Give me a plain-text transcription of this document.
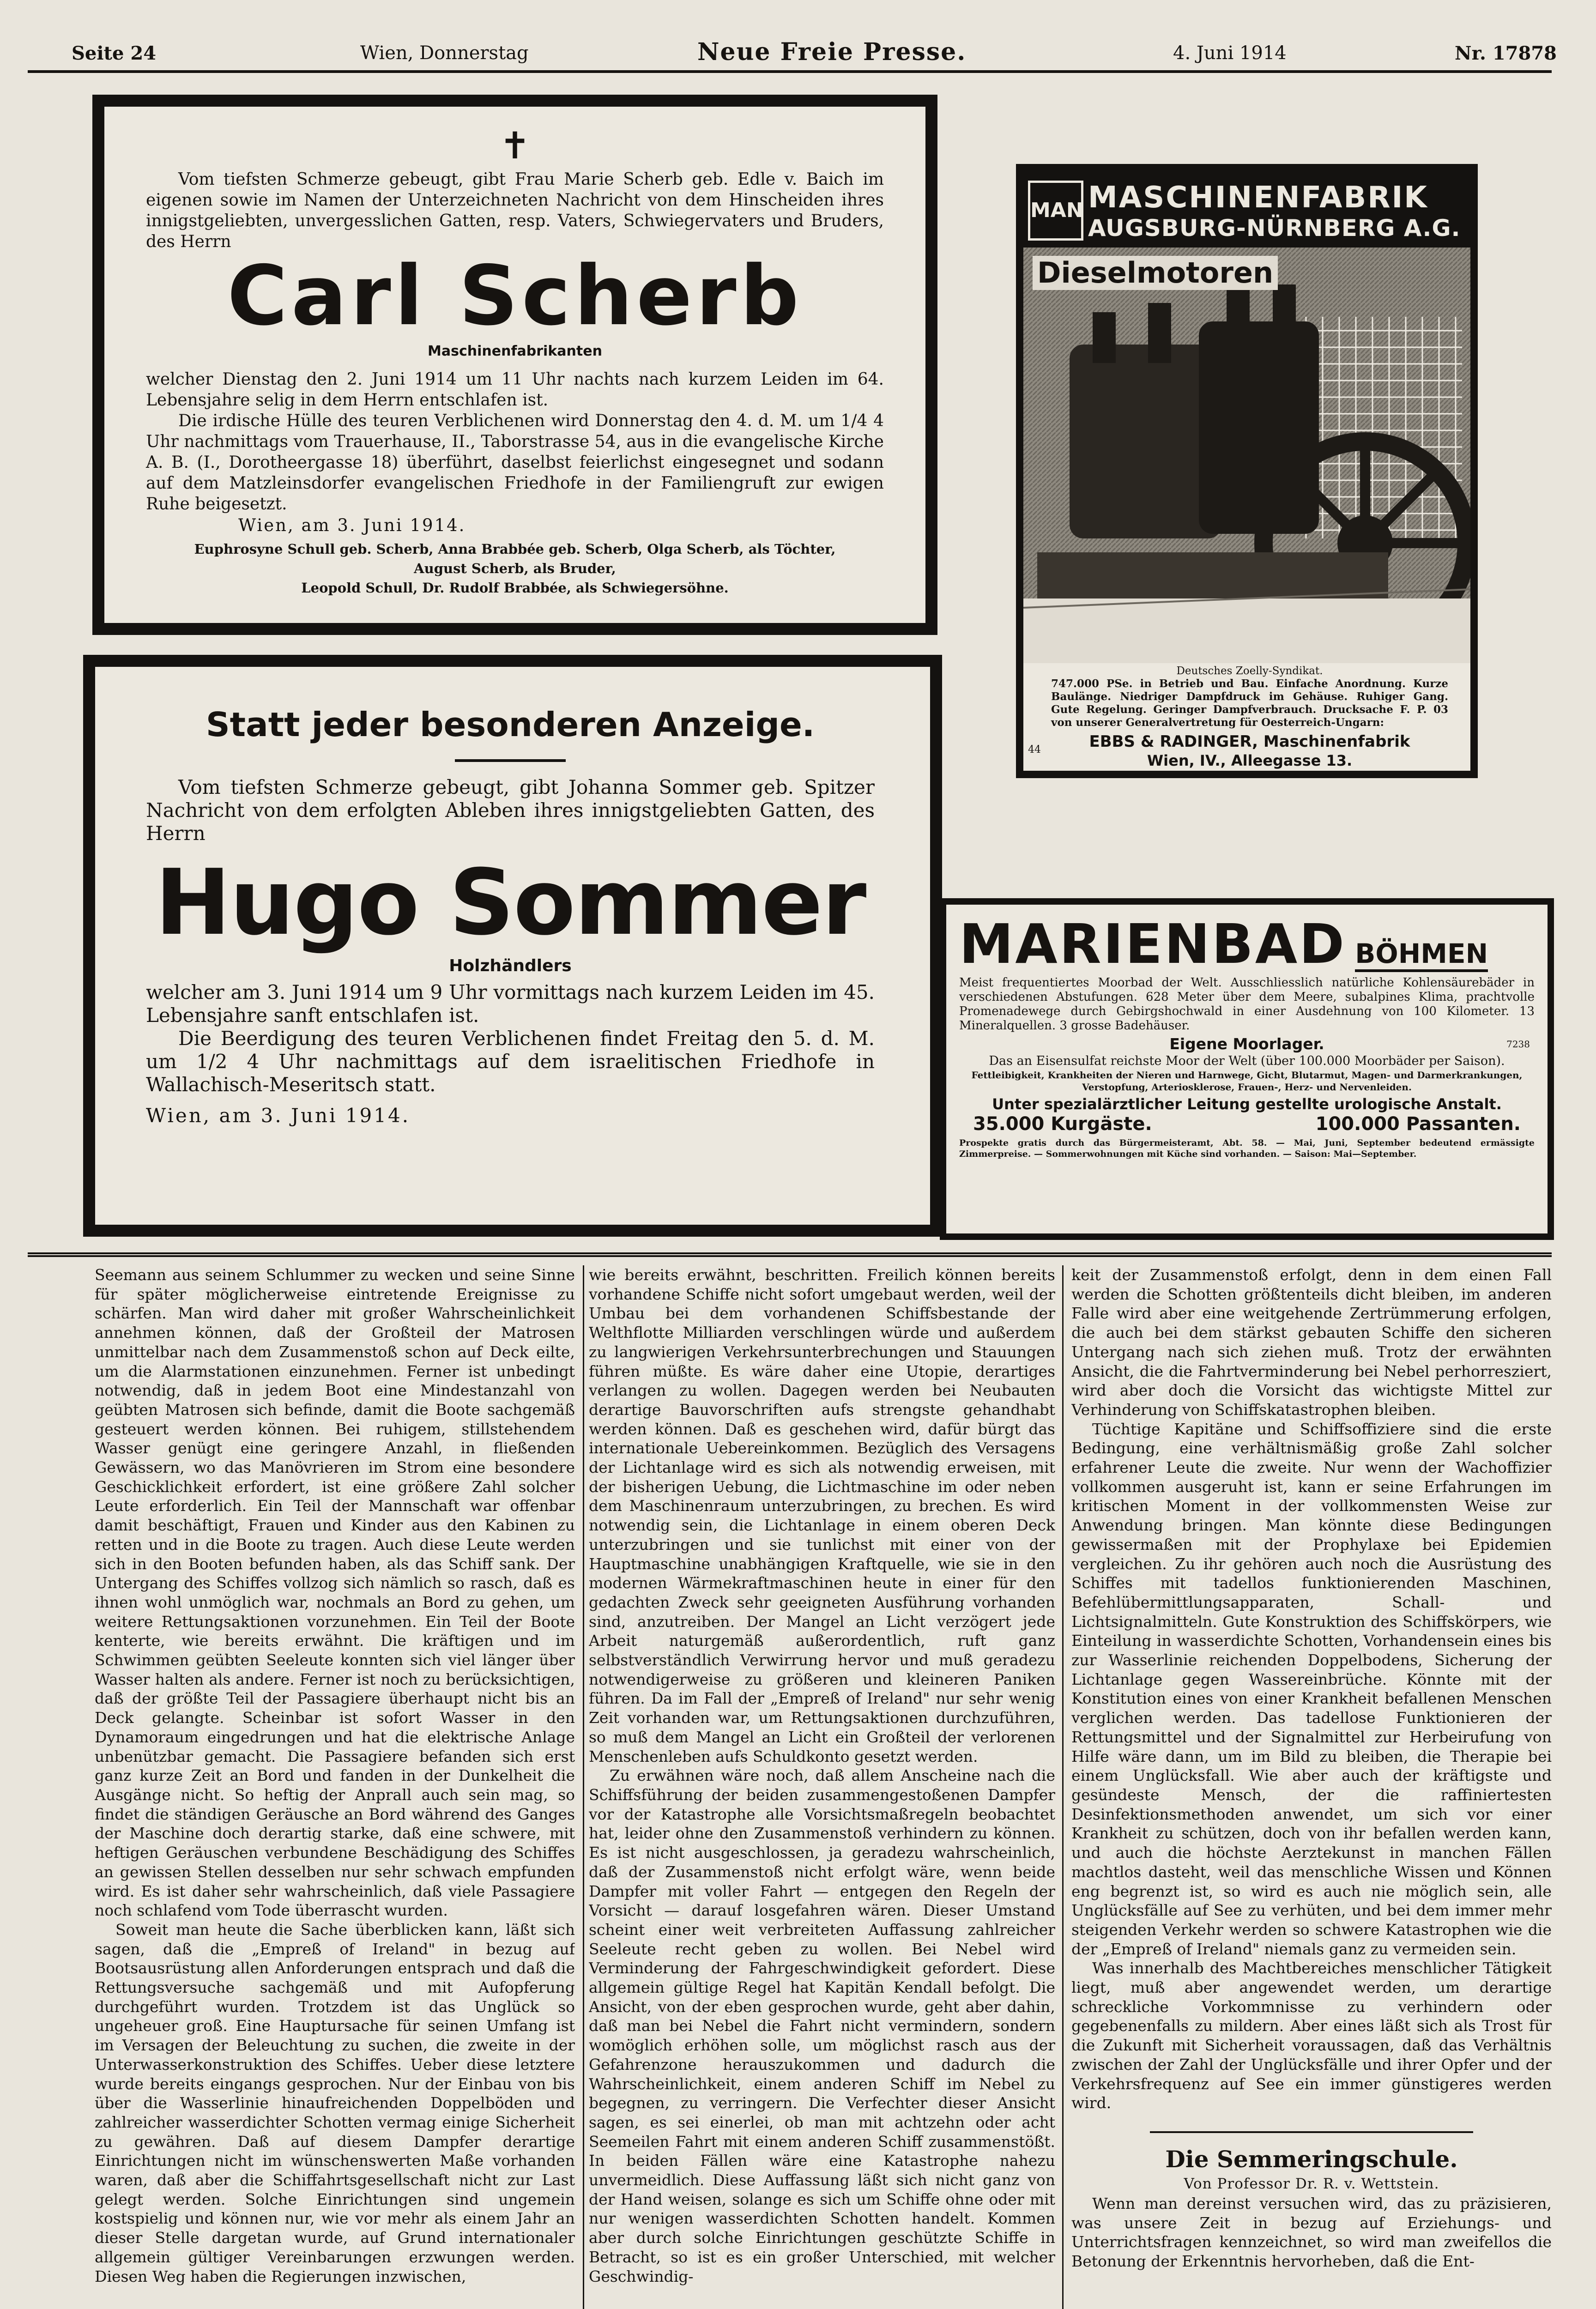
Seite 24	Wien, Donnerstag	Neue Freie Presse.	4. Juni 1914	Nr. 17878
✝

Vom tiefsten Schmerze gebeugt, gibt Frau Marie Scherb geb. Edle v. Baich im eigenen sowie im Namen der Unterzeichneten Nachricht von dem Hinscheiden ihres innigstgeliebten, unvergesslichen Gatten, resp. Vaters, Schwiegervaters und Bruders, des Herrn

Carl Scherb
Maschinenfabrikanten

welcher Dienstag den 2. Juni 1914 um 11 Uhr nachts nach kurzem Leiden im 64. Lebensjahre selig in dem Herrn entschlafen ist.

Die irdische Hülle des teuren Verblichenen wird Donnerstag den 4. d. M. um 1/4 4 Uhr nachmittags vom Trauerhause, II., Taborstrasse 54, aus in die evangelische Kirche A. B. (I., Dorotheergasse 18) überführt, daselbst feierlichst eingesegnet und sodann auf dem Matzleinsdorfer evangelischen Friedhofe in der Familiengruft zur ewigen Ruhe beigesetzt.

Wien, am 3. Juni 1914.

Euphrosyne Schull geb. Scherb, Anna Brabbée geb. Scherb, Olga Scherb, als Töchter,

August Scherb, als Bruder,

Leopold Schull, Dr. Rudolf Brabbée, als Schwiegersöhne.

Statt jeder besonderen Anzeige.

Vom tiefsten Schmerze gebeugt, gibt Johanna Sommer geb. Spitzer Nachricht von dem erfolgten Ableben ihres innigstgeliebten Gatten, des Herrn

Hugo Sommer
Holzhändlers

welcher am 3. Juni 1914 um 9 Uhr vormittags nach kurzem Leiden im 45. Lebensjahre sanft entschlafen ist.

Die Beerdigung des teuren Verblichenen findet Freitag den 5. d. M. um 1/2 4 Uhr nachmittags auf dem israelitischen Friedhofe in Wallachisch-Meseritsch statt.

Wien, am 3. Juni 1914.

MAN MASCHINENFABRIK
AUGSBURG-NÜRNBERG A.G.
Dieselmotoren
Deutsches Zoelly-Syndikat.
747.000 PSe. in Betrieb und Bau. Einfache Anordnung. Kurze Baulänge. Niedriger Dampfdruck im Gehäuse. Ruhiger Gang. Gute Regelung. Geringer Dampfverbrauch. Drucksache F. P. 03 von unserer Generalvertretung für Oesterreich-Ungarn:
EBBS & RADINGER, Maschinenfabrik
Wien, IV., Alleegasse 13.
44
MARIENBAD BÖHMEN

Meist frequentiertes Moorbad der Welt. Ausschliesslich natürliche Kohlensäurebäder in verschiedenen Abstufungen. 628 Meter über dem Meere, subalpines Klima, prachtvolle Promenadewege durch Gebirgshochwald in einer Ausdehnung von 100 Kilometer. 13 Mineralquellen. 3 grosse Badehäuser.

Eigene Moorlager.	7238

Das an Eisensulfat reichste Moor der Welt (über 100.000 Moorbäder per Saison).

Fettleibigkeit, Krankheiten der Nieren und Harnwege, Gicht, Blutarmut, Magen- und Darmerkrankungen, Verstopfung, Arteriosklerose, Frauen-, Herz- und Nervenleiden.

Unter spezialärztlicher Leitung gestellte urologische Anstalt.

35.000 Kurgäste.	100.000 Passanten.

Prospekte gratis durch das Bürgermeisteramt, Abt. 58. — Mai, Juni, September bedeutend ermässigte Zimmerpreise. — Sommerwohnungen mit Küche sind vorhanden. — Saison: Mai—September.

Seemann aus seinem Schlummer zu wecken und seine Sinne für später möglicherweise eintretende Ereignisse zu schärfen. Man wird daher mit großer Wahrscheinlichkeit annehmen können, daß der Großteil der Matrosen unmittelbar nach dem Zusammenstoß schon auf Deck eilte, um die Alarmstationen einzunehmen. Ferner ist unbedingt notwendig, daß in jedem Boot eine Mindestanzahl von geübten Matrosen sich befinde, damit die Boote sachgemäß gesteuert werden können. Bei ruhigem, stillstehendem Wasser genügt eine geringere Anzahl, in fließenden Gewässern, wo das Manövrieren im Strom eine besondere Geschicklichkeit erfordert, ist eine größere Zahl solcher Leute erforderlich. Ein Teil der Mannschaft war offenbar damit beschäftigt, Frauen und Kinder aus den Kabinen zu retten und in die Boote zu tragen. Auch diese Leute werden sich in den Booten befunden haben, als das Schiff sank. Der Untergang des Schiffes vollzog sich nämlich so rasch, daß es ihnen wohl unmöglich war, nochmals an Bord zu gehen, um weitere Rettungsaktionen vorzunehmen. Ein Teil der Boote kenterte, wie bereits erwähnt. Die kräftigen und im Schwimmen geübten Seeleute konnten sich viel länger über Wasser halten als andere. Ferner ist noch zu berücksichtigen, daß der größte Teil der Passagiere überhaupt nicht bis an Deck gelangte. Scheinbar ist sofort Wasser in den Dynamoraum eingedrungen und hat die elektrische Anlage unbenützbar gemacht. Die Passagiere befanden sich erst ganz kurze Zeit an Bord und fanden in der Dunkelheit die Ausgänge nicht. So heftig der Anprall auch sein mag, so findet die ständigen Geräusche an Bord während des Ganges der Maschine doch derartig starke, daß eine schwere, mit heftigen Geräuschen verbundene Beschädigung des Schiffes an gewissen Stellen desselben nur sehr schwach empfunden wird. Es ist daher sehr wahrscheinlich, daß viele Passagiere noch schlafend vom Tode überrascht wurden.

Soweit man heute die Sache überblicken kann, läßt sich sagen, daß die „Empreß of Ireland" in bezug auf Bootsausrüstung allen Anforderungen entsprach und daß die Rettungsversuche sachgemäß und mit Aufopferung durchgeführt wurden. Trotzdem ist das Unglück so ungeheuer groß. Eine Hauptursache für seinen Umfang ist im Versagen der Beleuchtung zu suchen, die zweite in der Unterwasserkonstruktion des Schiffes. Ueber diese letztere wurde bereits eingangs gesprochen. Nur der Einbau von bis über die Wasserlinie hinaufreichenden Doppelböden und zahlreicher wasserdichter Schotten vermag einige Sicherheit zu gewähren. Daß auf diesem Dampfer derartige Einrichtungen nicht im wünschenswerten Maße vorhanden waren, daß aber die Schiffahrtsgesellschaft nicht zur Last gelegt werden. Solche Einrichtungen sind ungemein kostspielig und können nur, wie vor mehr als einem Jahr an dieser Stelle dargetan wurde, auf Grund internationaler allgemein gültiger Vereinbarungen erzwungen werden. Diesen Weg haben die Regierungen inzwischen,

wie bereits erwähnt, beschritten. Freilich können bereits vorhandene Schiffe nicht sofort umgebaut werden, weil der Umbau bei dem vorhandenen Schiffsbestande der Welthflotte Milliarden verschlingen würde und außerdem zu langwierigen Verkehrsunterbrechungen und Stauungen führen müßte. Es wäre daher eine Utopie, derartiges verlangen zu wollen. Dagegen werden bei Neubauten derartige Bauvorschriften aufs strengste gehandhabt werden können. Daß es geschehen wird, dafür bürgt das internationale Uebereinkommen. Bezüglich des Versagens der Lichtanlage wird es sich als notwendig erweisen, mit der bisherigen Uebung, die Lichtmaschine im oder neben dem Maschinenraum unterzubringen, zu brechen. Es wird notwendig sein, die Lichtanlage in einem oberen Deck unterzubringen und sie tunlichst mit einer von der Hauptmaschine unabhängigen Kraftquelle, wie sie in den modernen Wärmekraftmaschinen heute in einer für den gedachten Zweck sehr geeigneten Ausführung vorhanden sind, anzutreiben. Der Mangel an Licht verzögert jede Arbeit naturgemäß außerordentlich, ruft ganz selbstverständlich Verwirrung hervor und muß geradezu notwendigerweise zu größeren und kleineren Paniken führen. Da im Fall der „Empreß of Ireland" nur sehr wenig Zeit vorhanden war, um Rettungsaktionen durchzuführen, so muß dem Mangel an Licht ein Großteil der verlorenen Menschenleben aufs Schuldkonto gesetzt werden.

Zu erwähnen wäre noch, daß allem Anscheine nach die Schiffsführung der beiden zusammengestoßenen Dampfer vor der Katastrophe alle Vorsichtsmaßregeln beobachtet hat, leider ohne den Zusammenstoß verhindern zu können. Es ist nicht ausgeschlossen, ja geradezu wahrscheinlich, daß der Zusammenstoß nicht erfolgt wäre, wenn beide Dampfer mit voller Fahrt — entgegen den Regeln der Vorsicht — darauf losgefahren wären. Dieser Umstand scheint einer weit verbreiteten Auffassung zahlreicher Seeleute recht geben zu wollen. Bei Nebel wird Verminderung der Fahrgeschwindigkeit gefordert. Diese allgemein gültige Regel hat Kapitän Kendall befolgt. Die Ansicht, von der eben gesprochen wurde, geht aber dahin, daß man bei Nebel die Fahrt nicht vermindern, sondern womöglich erhöhen solle, um möglichst rasch aus der Gefahrenzone herauszukommen und dadurch die Wahrscheinlichkeit, einem anderen Schiff im Nebel zu begegnen, zu verringern. Die Verfechter dieser Ansicht sagen, es sei einerlei, ob man mit achtzehn oder acht Seemeilen Fahrt mit einem anderen Schiff zusammenstößt. In beiden Fällen wäre eine Katastrophe nahezu unvermeidlich. Diese Auffassung läßt sich nicht ganz von der Hand weisen, solange es sich um Schiffe ohne oder mit nur wenigen wasserdichten Schotten handelt. Kommen aber durch solche Einrichtungen geschützte Schiffe in Betracht, so ist es ein großer Unterschied, mit welcher Geschwindig-

keit der Zusammenstoß erfolgt, denn in dem einen Fall werden die Schotten größtenteils dicht bleiben, im anderen Falle wird aber eine weitgehende Zertrümmerung erfolgen, die auch bei dem stärkst gebauten Schiffe den sicheren Untergang nach sich ziehen muß. Trotz der erwähnten Ansicht, die die Fahrtverminderung bei Nebel perhorresziert, wird aber doch die Vorsicht das wichtigste Mittel zur Verhinderung von Schiffskatastrophen bleiben.

Tüchtige Kapitäne und Schiffsoffiziere sind die erste Bedingung, eine verhältnismäßig große Zahl solcher erfahrener Leute die zweite. Nur wenn der Wachoffizier vollkommen ausgeruht ist, kann er seine Erfahrungen im kritischen Moment in der vollkommensten Weise zur Anwendung bringen. Man könnte diese Bedingungen gewissermaßen mit der Prophylaxe bei Epidemien vergleichen. Zu ihr gehören auch noch die Ausrüstung des Schiffes mit tadellos funktionierenden Maschinen, Befehlübermittlungsapparaten, Schall- und Lichtsignalmitteln. Gute Konstruktion des Schiffskörpers, wie Einteilung in wasserdichte Schotten, Vorhandensein eines bis zur Wasserlinie reichenden Doppelbodens, Sicherung der Lichtanlage gegen Wassereinbrüche. Könnte mit der Konstitution eines von einer Krankheit befallenen Menschen verglichen werden. Das tadellose Funktionieren der Rettungsmittel und der Signalmittel zur Herbeirufung von Hilfe wäre dann, um im Bild zu bleiben, die Therapie bei einem Unglücksfall. Wie aber auch der kräftigste und gesündeste Mensch, der die raffiniertesten Desinfektionsmethoden anwendet, um sich vor einer Krankheit zu schützen, doch von ihr befallen werden kann, und auch die höchste Aerztekunst in manchen Fällen machtlos dasteht, weil das menschliche Wissen und Können eng begrenzt ist, so wird es auch nie möglich sein, alle Unglücksfälle auf See zu verhüten, und bei dem immer mehr steigenden Verkehr werden so schwere Katastrophen wie die der „Empreß of Ireland" niemals ganz zu vermeiden sein.

Was innerhalb des Machtbereiches menschlicher Tätigkeit liegt, muß aber angewendet werden, um derartige schreckliche Vorkommnisse zu verhindern oder gegebenenfalls zu mildern. Aber eines läßt sich als Trost für die Zukunft mit Sicherheit voraussagen, daß das Verhältnis zwischen der Zahl der Unglücksfälle und ihrer Opfer und der Verkehrsfrequenz auf See ein immer günstigeres werden wird.

Die Semmeringschule.
Von Professor Dr. R. v. Wettstein.

Wenn man dereinst versuchen wird, das zu präzisieren, was unsere Zeit in bezug auf Erziehungs- und Unterrichtsfragen kennzeichnet, so wird man zweifellos die Betonung der Erkenntnis hervorheben, daß die Ent-
